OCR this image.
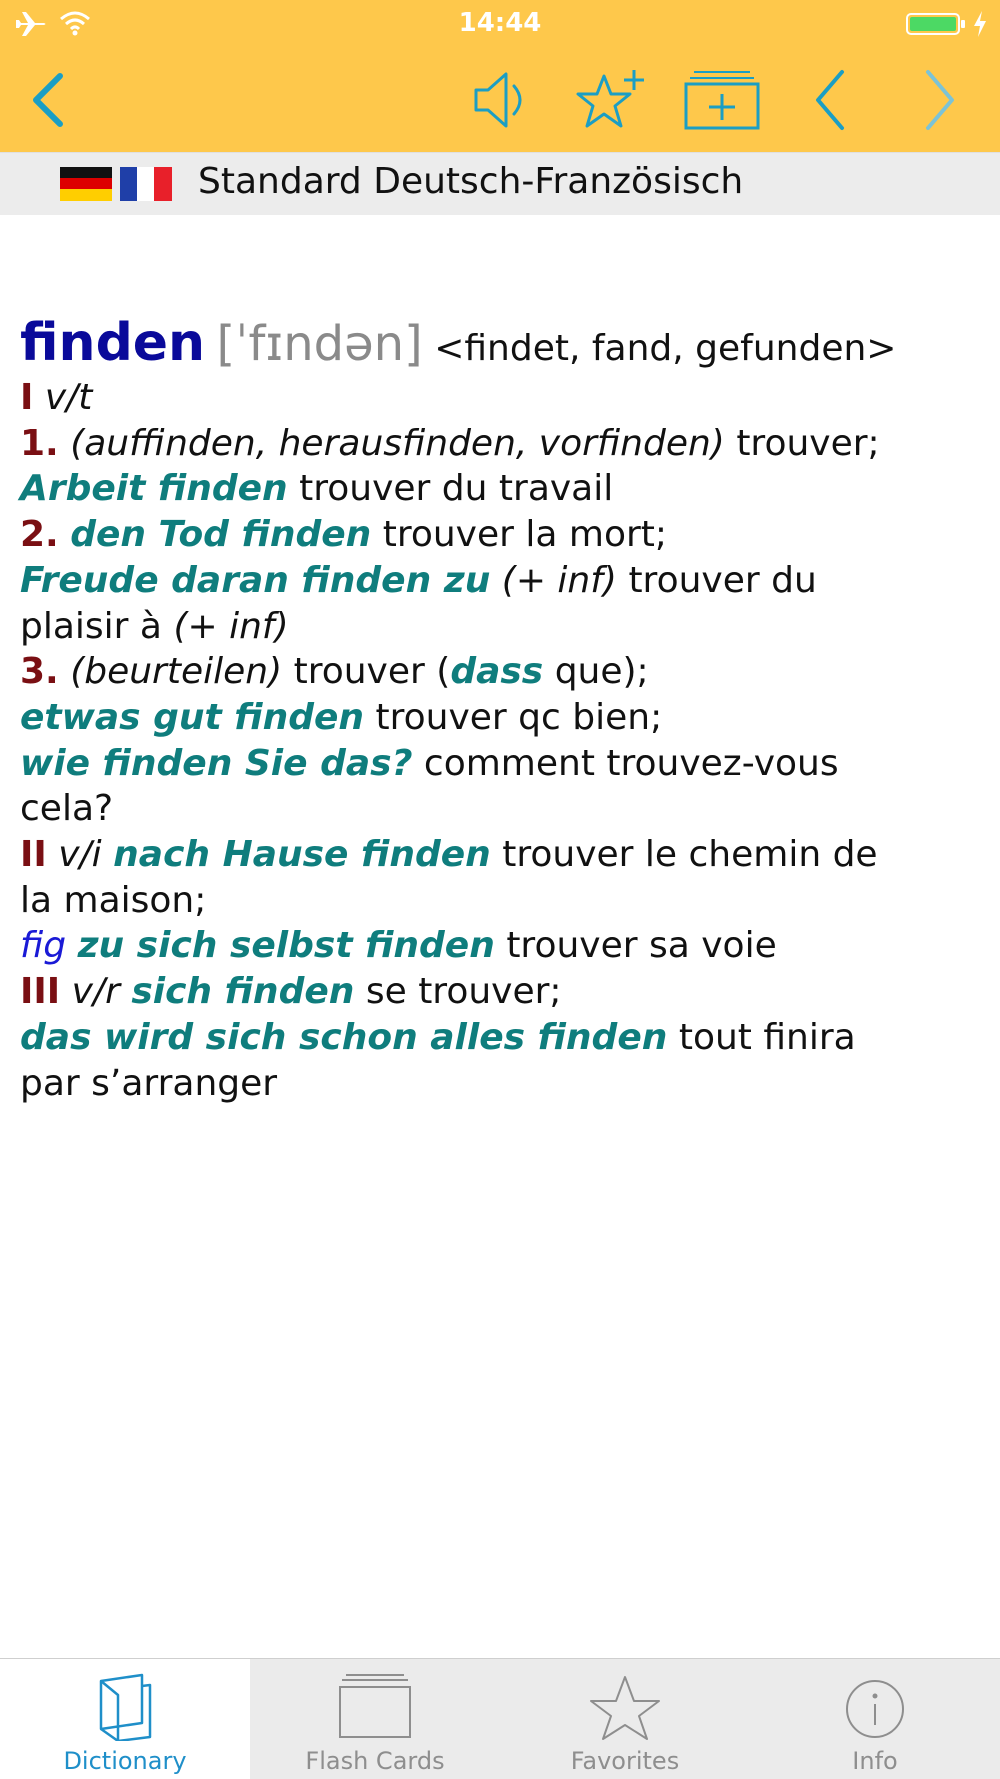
14:44
Standard Deutsch-Französisch
finden [ˈfɪndən] <findet, fand, gefunden>
I v/t
1. (auffinden, herausfinden, vorfinden) trouver;
Arbeit finden trouver du travail
2. den Tod finden trouver la mort;
Freude daran finden zu (+ inf) trouver du
plaisir à (+ inf)
3. (beurteilen) trouver (dass que);
etwas gut finden trouver qc bien;
wie finden Sie das? comment trouvez-vous
cela?
II v/i nach Hause finden trouver le chemin de
la maison;
fig zu sich selbst finden trouver sa voie
III v/r sich finden se trouver;
das wird sich schon alles finden tout finira
par s’arranger
Dictionary	Flash Cards	Favorites	Info
